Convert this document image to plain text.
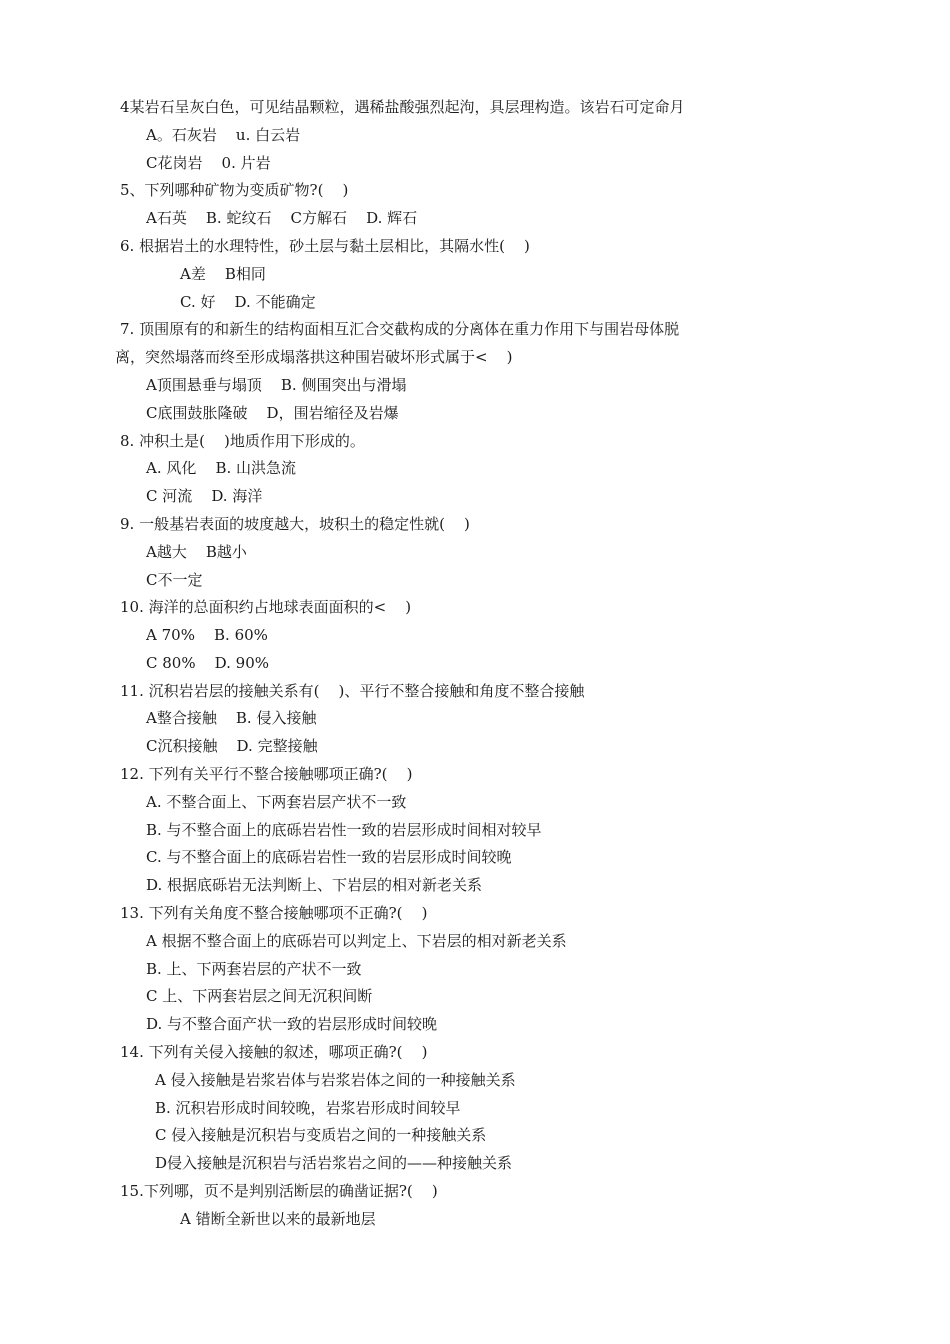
4某岩石呈灰白色，可见结晶颗粒，遇稀盐酸强烈起泃，具层理构造。该岩石可定命月
A。石灰岩    u. 白云岩
C花岗岩    0. 片岩
5、下列哪种矿物为变质矿物?(    )
A石英    B. 蛇纹石    C方解石    D. 辉石
6. 根据岩土的水理特性，砂土层与黏土层相比，其隔水性(    )
A差    B相同
C. 好    D. 不能确定
7. 顶围原有的和新生的结构面相互汇合交截构成的分离体在重力作用下与围岩母体脱
离，突然塌落而终至形成塌落拱这种围岩破坏形式属于<    )
A顶围悬垂与塌顶    B. 侧围突出与滑塌
C底围鼓胀隆破    D，围岩缩径及岩爆
8. 冲积土是(    )地质作用下形成的。
A. 风化    B. 山洪急流
C 河流    D. 海洋
9. 一般基岩表面的坡度越大，坡积土的稳定性就(    )
A越大    B越小
C不一定
10. 海洋的总面积约占地球表面面积的<    )
A 70%    B. 60%
C 80%    D. 90%
11. 沉积岩岩层的接触关系有(    )、平行不整合接触和角度不整合接触
A整合接触    B. 侵入接触
C沉积接触    D. 完整接触
12. 下列有关平行不整合接触哪项正确?(    )
A. 不整合面上、下两套岩层产状不一致
B. 与不整合面上的底砾岩岩性一致的岩层形成时间相对较早
C. 与不整合面上的底砾岩岩性一致的岩层形成时间较晚
D. 根据底砾岩无法判断上、下岩层的相对新老关系
13. 下列有关角度不整合接触哪项不正确?(    )
A 根据不整合面上的底砾岩可以判定上、下岩层的相对新老关系
B. 上、下两套岩层的产状不一致
C 上、下两套岩层之间无沉积间断
D. 与不整合面产状一致的岩层形成时间较晚
14. 下列有关侵入接触的叙述，哪项正确?(    )
A 侵入接触是岩浆岩体与岩浆岩体之间的一种接触关系
B. 沉积岩形成时间较晚，岩浆岩形成时间较早
C 侵入接触是沉积岩与变质岩之间的一种接触关系
D侵入接触是沉积岩与活岩浆岩之间的——种接触关系
15.下列哪，页不是判别活断层的确凿证据?(    )
A 错断全新世以来的最新地层
